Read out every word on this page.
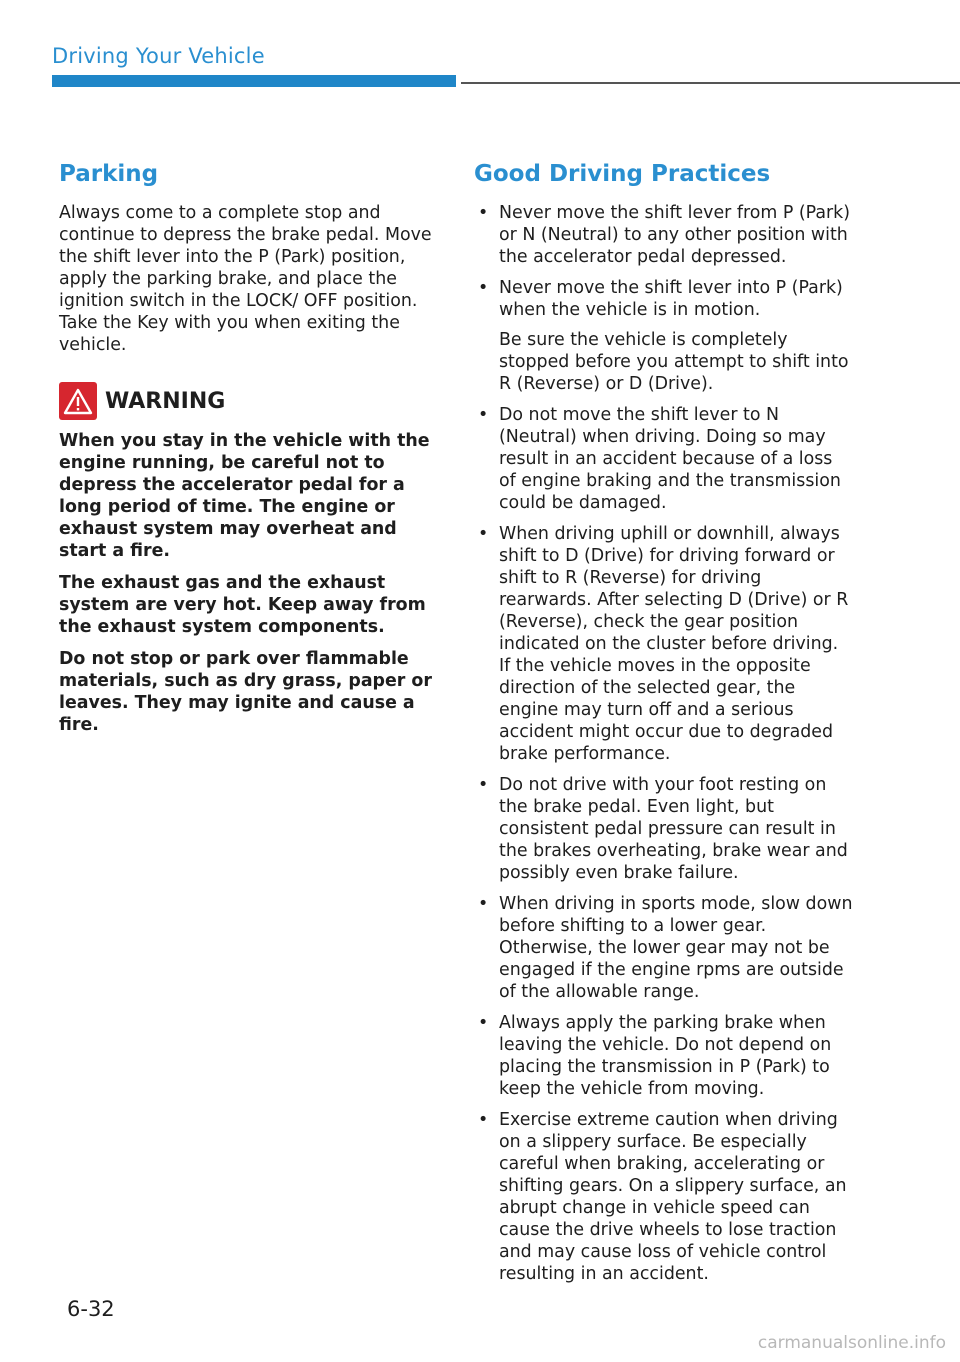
Driving Your Vehicle
Parking

Always come to a complete stop and continue to depress the brake pedal. Move the shift lever into the P (Park) position, apply the parking brake, and place the ignition switch in the LOCK/ OFF position. Take the Key with you when exiting the vehicle.

WARNING

When you stay in the vehicle with the engine running, be careful not to depress the accelerator pedal for a long period of time. The engine or exhaust system may overheat and start a fire.

The exhaust gas and the exhaust system are very hot. Keep away from the exhaust system components.

Do not stop or park over flammable materials, such as dry grass, paper or leaves. They may ignite and cause a fire.

Good Driving Practices
• Never move the shift lever from P (Park) or N (Neutral) to any other position with the accelerator pedal depressed.

• Never move the shift lever into P (Park) when the vehicle is in motion.

Be sure the vehicle is completely stopped before you attempt to shift into R (Reverse) or D (Drive).

• Do not move the shift lever to N (Neutral) when driving. Doing so may result in an accident because of a loss of engine braking and the transmission could be damaged.

• When driving uphill or downhill, always shift to D (Drive) for driving forward or shift to R (Reverse) for driving rearwards. After selecting D (Drive) or R (Reverse), check the gear position indicated on the cluster before driving. If the vehicle moves in the opposite direction of the selected gear, the engine may turn off and a serious accident might occur due to degraded brake performance.

• Do not drive with your foot resting on the brake pedal. Even light, but consistent pedal pressure can result in the brakes overheating, brake wear and possibly even brake failure.

• When driving in sports mode, slow down before shifting to a lower gear. Otherwise, the lower gear may not be engaged if the engine rpms are outside of the allowable range.

• Always apply the parking brake when leaving the vehicle. Do not depend on placing the transmission in P (Park) to keep the vehicle from moving.

• Exercise extreme caution when driving on a slippery surface. Be especially careful when braking, accelerating or shifting gears. On a slippery surface, an abrupt change in vehicle speed can cause the drive wheels to lose traction and may cause loss of vehicle control resulting in an accident.

6-32
carmanualsonline.info
